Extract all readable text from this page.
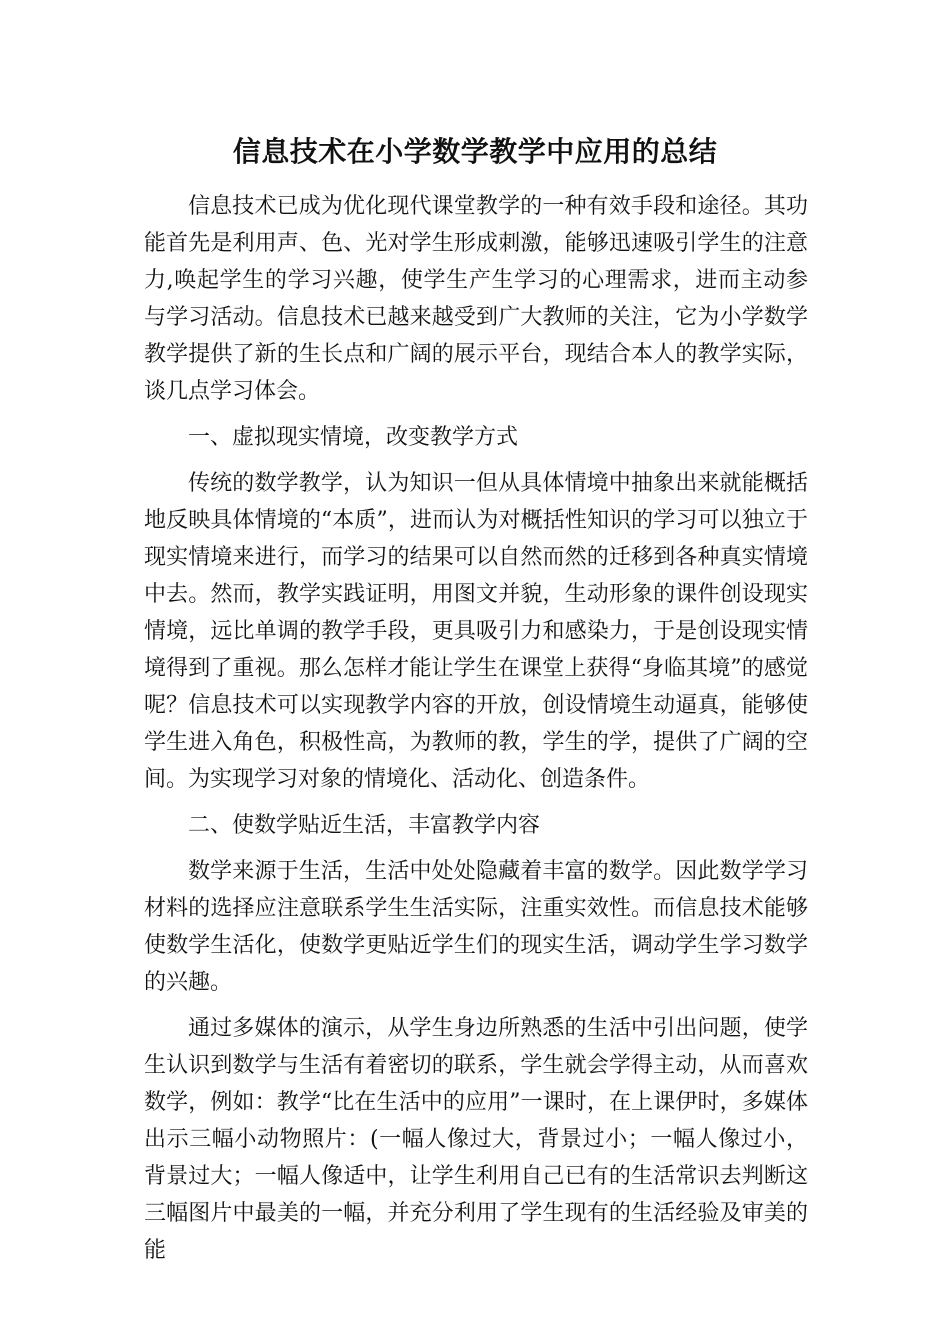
信息技术在小学数学教学中应用的总结

信息技术已成为优化现代课堂教学的一种有效手段和途径。其功能首先是利用声、色、光对学生形成刺激，能够迅速吸引学生的注意力,唤起学生的学习兴趣，使学生产生学习的心理需求，进而主动参与学习活动。信息技术已越来越受到广大教师的关注，它为小学数学教学提供了新的生长点和广阔的展示平台，现结合本人的教学实际，谈几点学习体会。

一、虚拟现实情境，改变教学方式

传统的数学教学，认为知识一但从具体情境中抽象出来就能概括地反映具体情境的“本质”，进而认为对概括性知识的学习可以独立于现实情境来进行，而学习的结果可以自然而然的迁移到各种真实情境中去。然而，教学实践证明，用图文并貌，生动形象的课件创设现实情境，远比单调的教学手段，更具吸引力和感染力，于是创设现实情境得到了重视。那么怎样才能让学生在课堂上获得“身临其境”的感觉呢？信息技术可以实现教学内容的开放，创设情境生动逼真，能够使学生进入角色，积极性高，为教师的教，学生的学，提供了广阔的空间。为实现学习对象的情境化、活动化、创造条件。

二、使数学贴近生活，丰富教学内容

数学来源于生活，生活中处处隐藏着丰富的数学。因此数学学习材料的选择应注意联系学生生活实际，注重实效性。而信息技术能够使数学生活化，使数学更贴近学生们的现实生活，调动学生学习数学的兴趣。

通过多媒体的演示，从学生身边所熟悉的生活中引出问题，使学生认识到数学与生活有着密切的联系，学生就会学得主动，从而喜欢数学，例如：教学“比在生活中的应用”一课时，在上课伊时，多媒体出示三幅小动物照片：(一幅人像过大，背景过小；一幅人像过小，背景过大；一幅人像适中，让学生利用自己已有的生活常识去判断这三幅图片中最美的一幅，并充分利用了学生现有的生活经验及审美的能
